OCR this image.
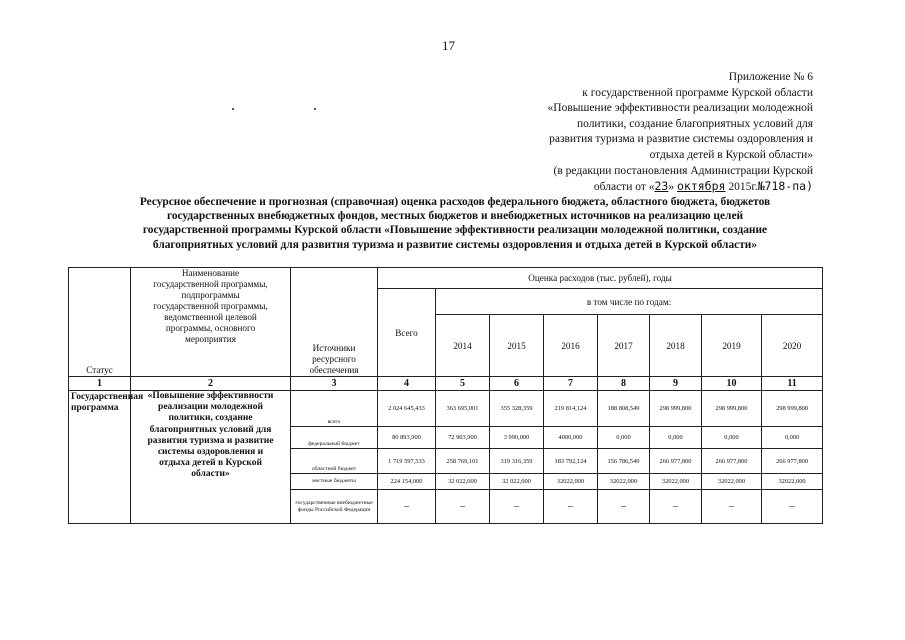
17
Приложение № 6
к государственной программе Курской области
«Повышение эффективности реализации молодежной
политики, создание благоприятных условий для
развития туризма и развитие системы оздоровления и
отдыха детей в Курской области»
(в редакции постановления Администрации Курской
области от «23» октября 2015г.№718-па)
Ресурсное обеспечение и прогнозная (справочная) оценка расходов федерального бюджета, областного бюджета, бюджетов
государственных внебюджетных фондов, местных бюджетов и внебюджетных источников на реализацию целей
государственной программы Курской области «Повышение эффективности реализации молодежной политики, создание
благоприятных условий для развития туризма и развитие системы оздоровления и отдыха детей в Курской области»
Статус	Наименование государственной программы, подпрограммы государственной программы, ведомственной целевой программы, основного мероприятия	Источники ресурсного обеспечения	Оценка расходов (тыс. рублей), годы							
			Всего	в том числе по годам:						
				2014	2015	2016	2017	2018	2019	2020
1	2	3	4	5	6	7	8	9	10	11
Государственная программа	«Повышение эффективности реализации молодежной политики, создание благоприятных условий для развития туризма и развитие системы оздоровления и отдыха детей в Курской области»	всего	2 024 645,433	363 695,001	355 328,359	219 814,124	188 808,549	298 999,800	298 999,800	298 999,800
		федеральный бюджет	80 893,900	72 903,900	3 990,000	4000,000	0,000	0,000	0,000	0,000
		областной бюджет	1 719 597,533	258 769,101	319 316,359	183 792,124	156 786,549	266 977,800	266 977,800	266 977,800
		местные бюджеты	224 154,000	32 022,000	32 022,000	32022,000	32022,000	32022,000	32022,000	32022,000
		государственные внебюджетные фонды Российской Федерации	–	–	–	–	–	–	–	–
